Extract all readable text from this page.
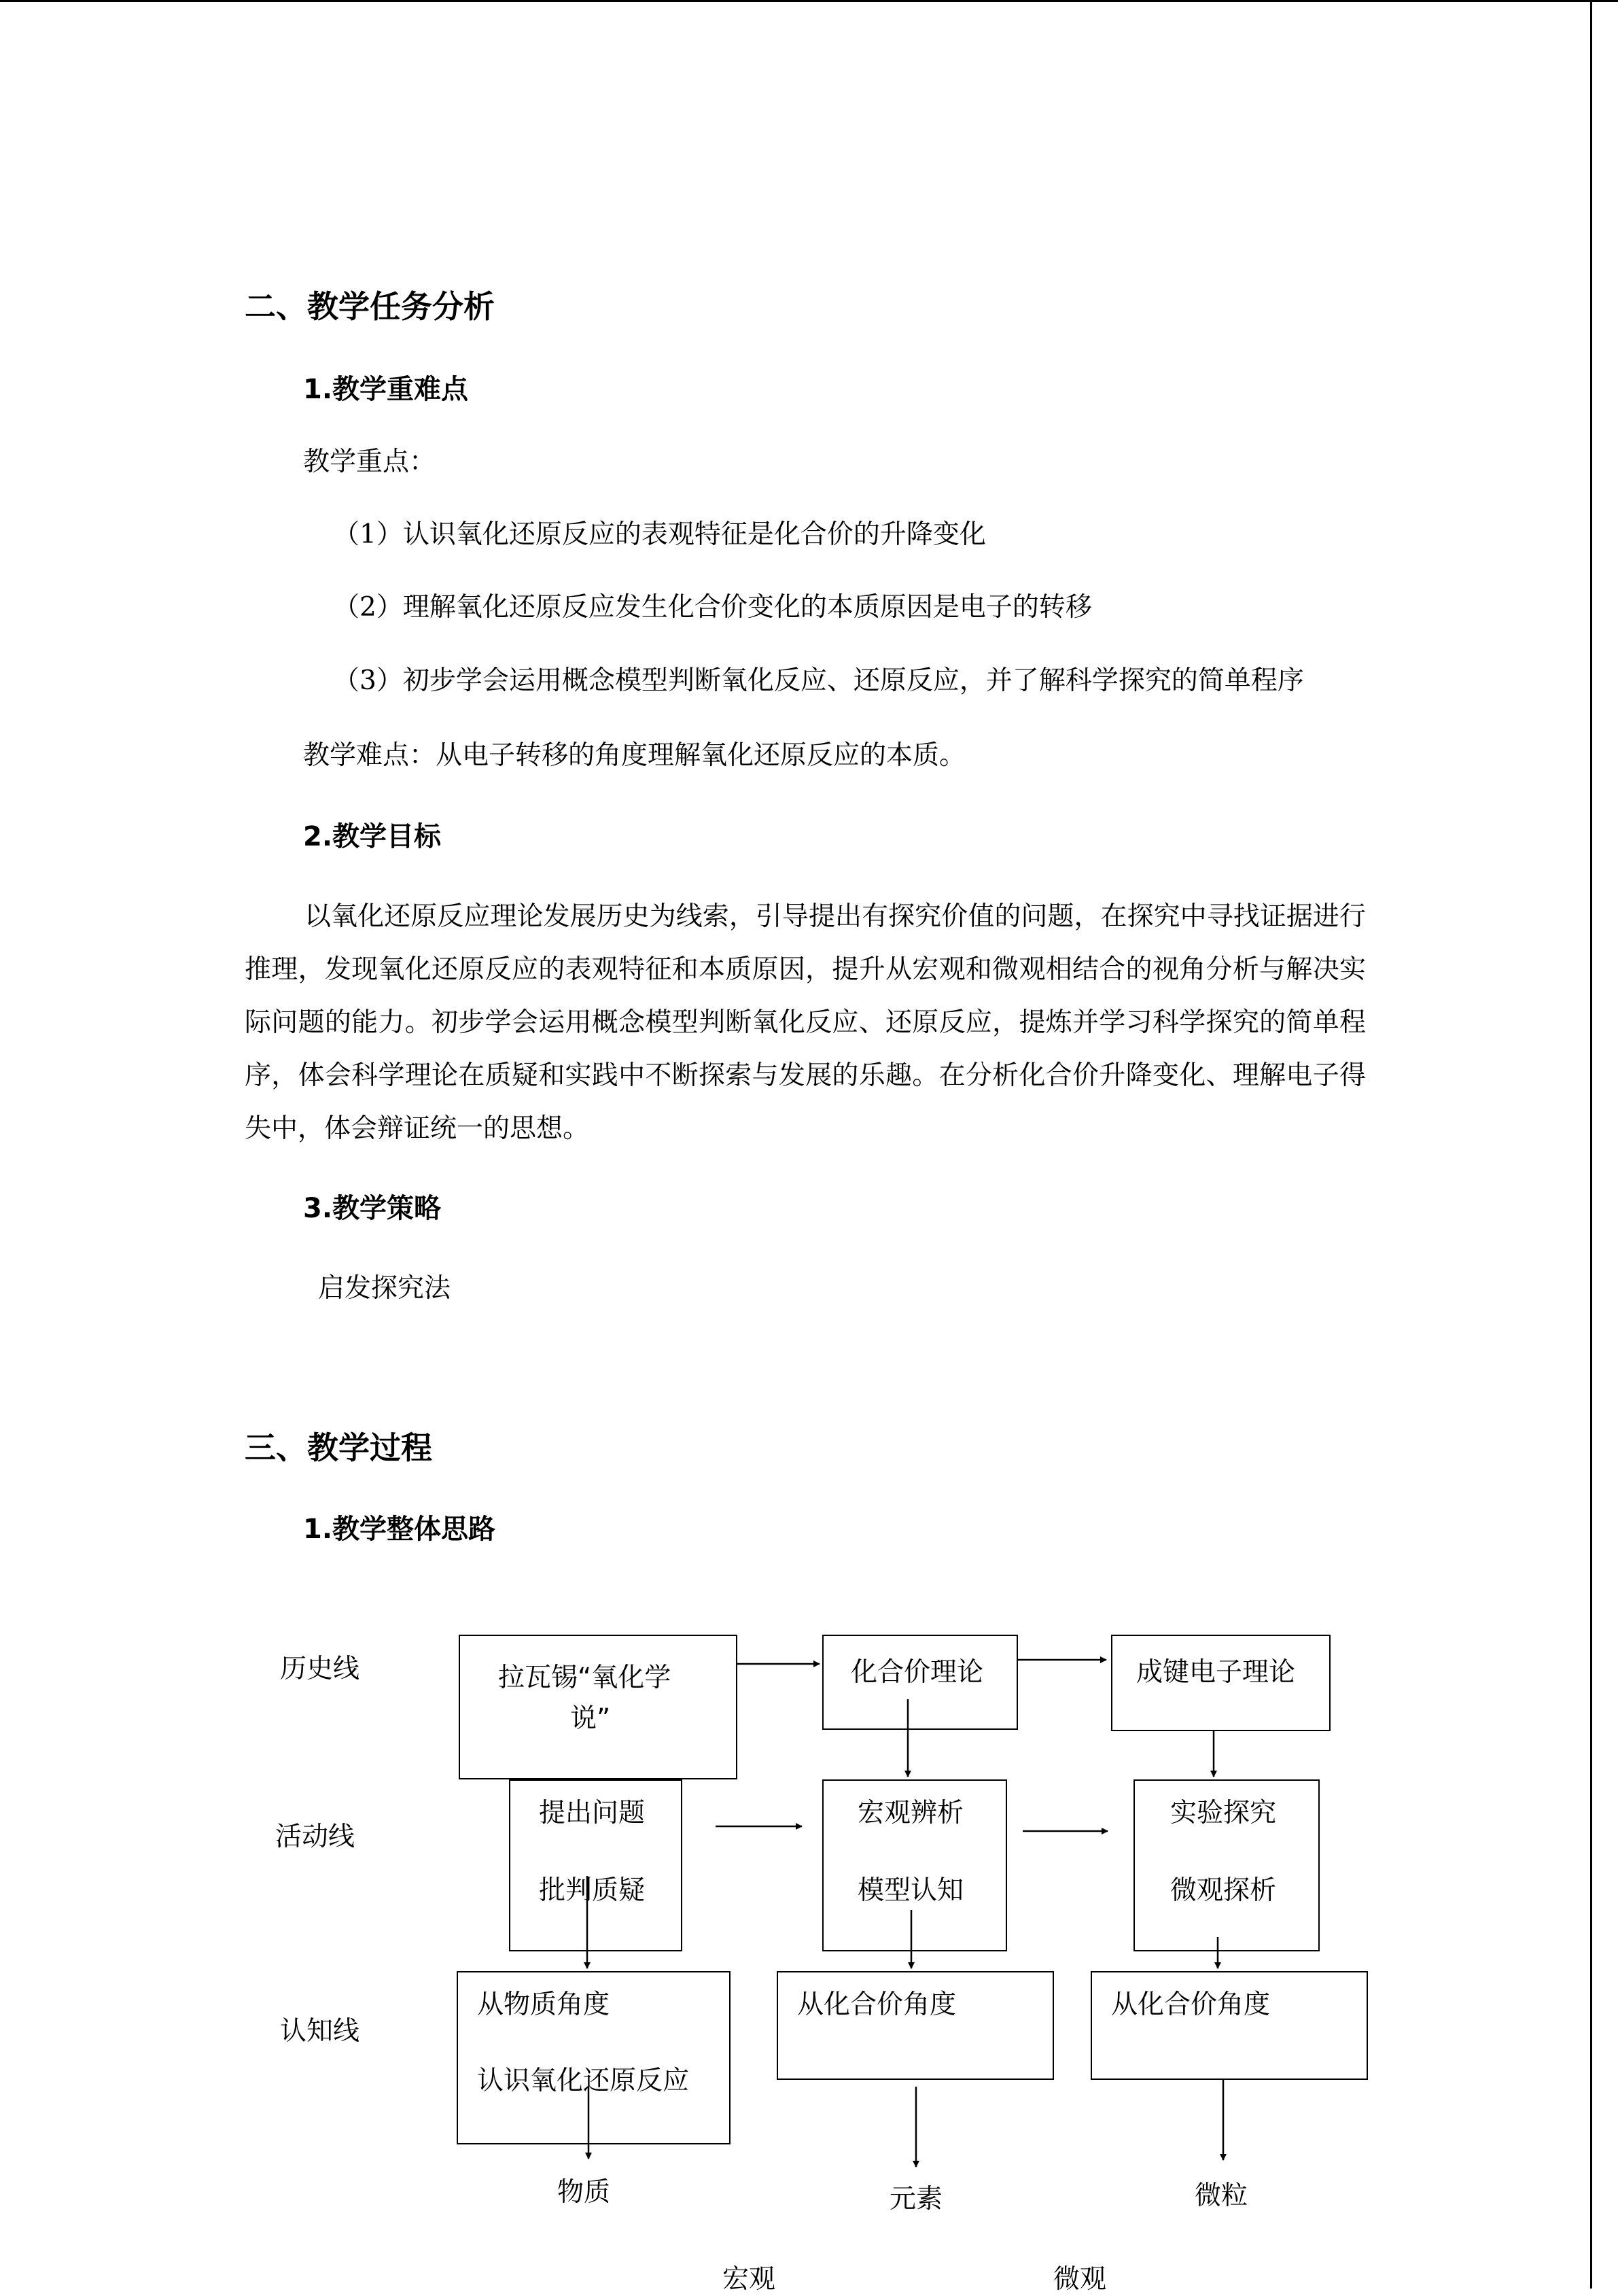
二、教学任务分析
1.教学重难点
教学重点：
（1）认识氧化还原反应的表观特征是化合价的升降变化
（2）理解氧化还原反应发生化合价变化的本质原因是电子的转移
（3）初步学会运用概念模型判断氧化反应、还原反应，并了解科学探究的简单程序
教学难点：从电子转移的角度理解氧化还原反应的本质。
2.教学目标
以氧化还原反应理论发展历史为线索，引导提出有探究价值的问题，在探究中寻找证据进行推理，发现氧化还原反应的表观特征和本质原因，提升从宏观和微观相结合的视角分析与解决实际问题的能力。初步学会运用概念模型判断氧化反应、还原反应，提炼并学习科学探究的简单程序，体会科学理论在质疑和实践中不断探索与发展的乐趣。在分析化合价升降变化、理解电子得失中，体会辩证统一的思想。
3.教学策略
启发探究法
三、教学过程
1.教学整体思路
历史线
活动线
认知线
拉瓦锡“氧化学
说”
化合价理论	成键电子理论
提出问题
批判质疑
宏观辨析
模型认知
实验探究
微观探析
从物质角度
认识氧化还原反应
从化合价角度	从化合价角度
物质	元素	微粒
宏观	微观
